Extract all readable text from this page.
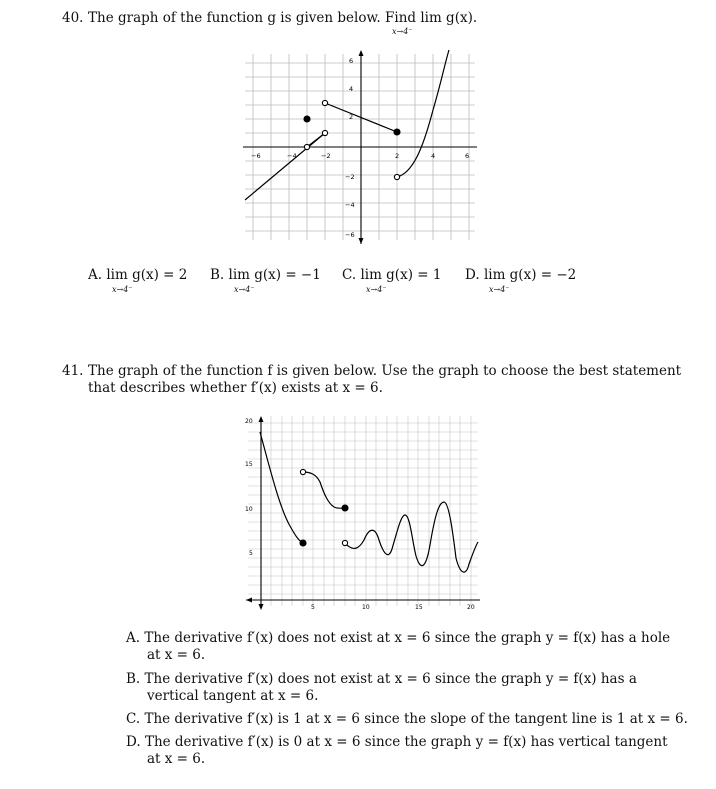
40. The graph of the function g is given below. Find lim g(x).
x→4⁻
−6	−4	−2	2	4	6
6
4
2
−2
−4
−6
A. lim g(x) = 2
x→4⁻
B. lim g(x) = −1
x→4⁻
C. lim g(x) = 1
x→4⁻
D. lim g(x) = −2
x→4⁻
41. The graph of the function f is given below. Use the graph to choose the best statement
that describes whether f′(x) exists at x = 6.
5	10	15	20
20
15
10
5
A. The derivative f′(x) does not exist at x = 6 since the graph y = f(x) has a hole
at x = 6.
B. The derivative f′(x) does not exist at x = 6 since the graph y = f(x) has a
vertical tangent at x = 6.
C. The derivative f′(x) is 1 at x = 6 since the slope of the tangent line is 1 at x = 6.
D. The derivative f′(x) is 0 at x = 6 since the graph y = f(x) has vertical tangent
at x = 6.
